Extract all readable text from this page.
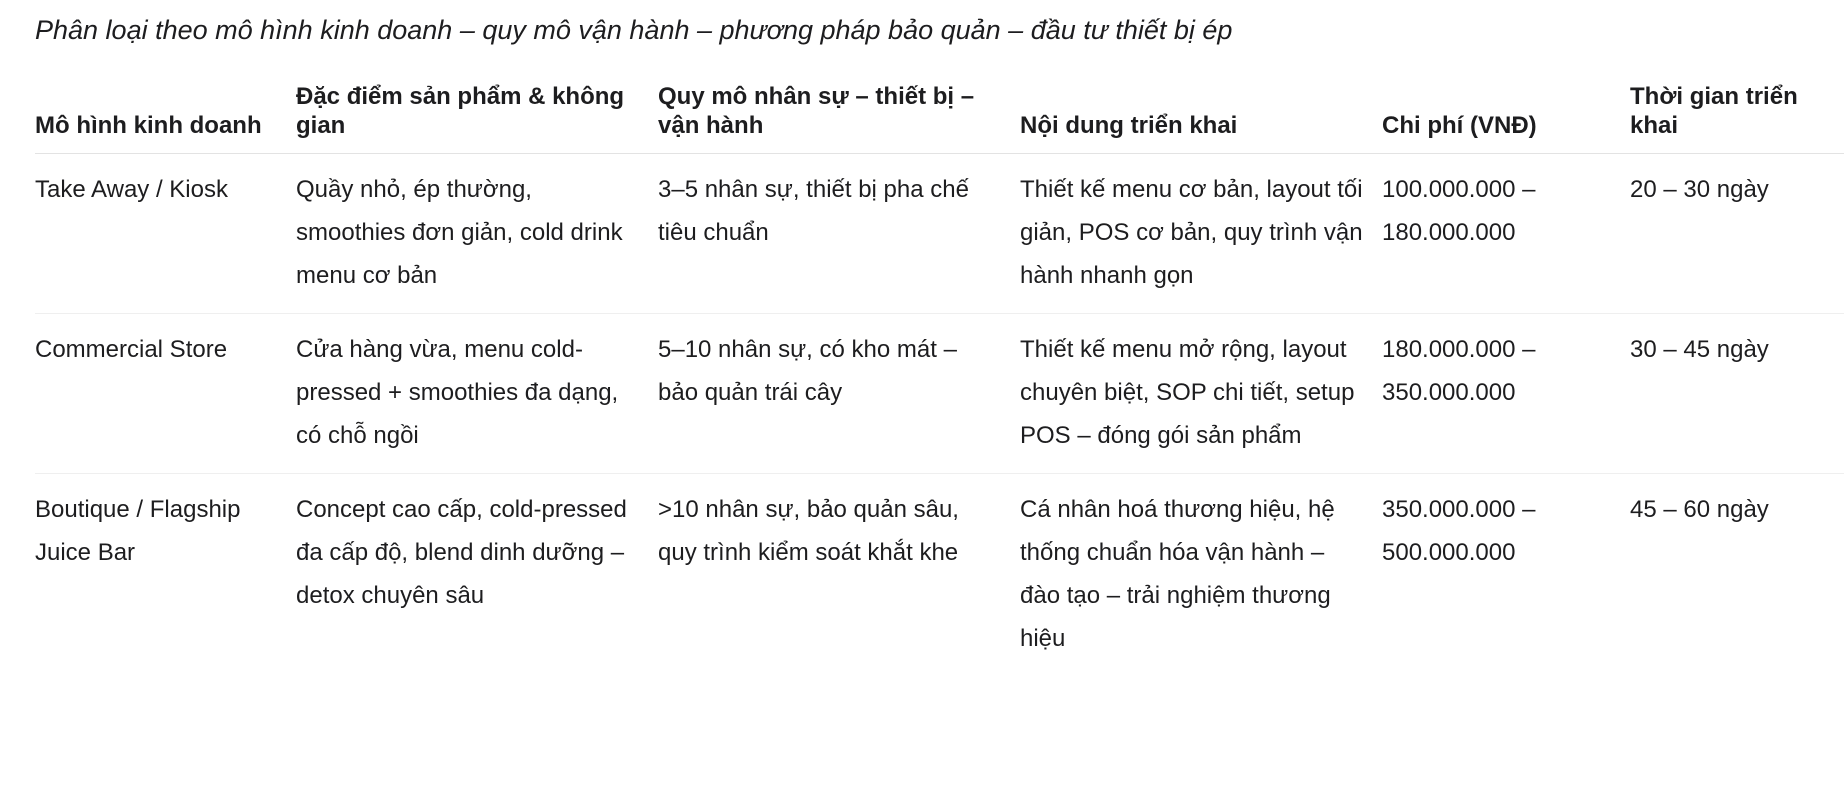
Phân loại theo mô hình kinh doanh – quy mô vận hành – phương pháp bảo quản – đầu tư thiết bị ép
Mô hình kinh doanh	Đặc điểm sản phẩm & không gian	Quy mô nhân sự – thiết bị – vận hành	Nội dung triển khai	Chi phí (VNĐ)	Thời gian triển khai
Take Away / Kiosk	Quầy nhỏ, ép thường, smoothies đơn giản, cold drink menu cơ bản	3–5 nhân sự, thiết bị pha chế tiêu chuẩn	Thiết kế menu cơ bản, layout tối giản, POS cơ bản, quy trình vận hành nhanh gọn	100.000.000 – 180.000.000	20 – 30 ngày
Commercial Store	Cửa hàng vừa, menu cold-pressed + smoothies đa dạng, có chỗ ngồi	5–10 nhân sự, có kho mát – bảo quản trái cây	Thiết kế menu mở rộng, layout chuyên biệt, SOP chi tiết, setup POS – đóng gói sản phẩm	180.000.000 – 350.000.000	30 – 45 ngày
Boutique / Flagship Juice Bar	Concept cao cấp, cold-pressed đa cấp độ, blend dinh dưỡng – detox chuyên sâu	>10 nhân sự, bảo quản sâu, quy trình kiểm soát khắt khe	Cá nhân hoá thương hiệu, hệ thống chuẩn hóa vận hành – đào tạo – trải nghiệm thương hiệu	350.000.000 – 500.000.000	45 – 60 ngày
